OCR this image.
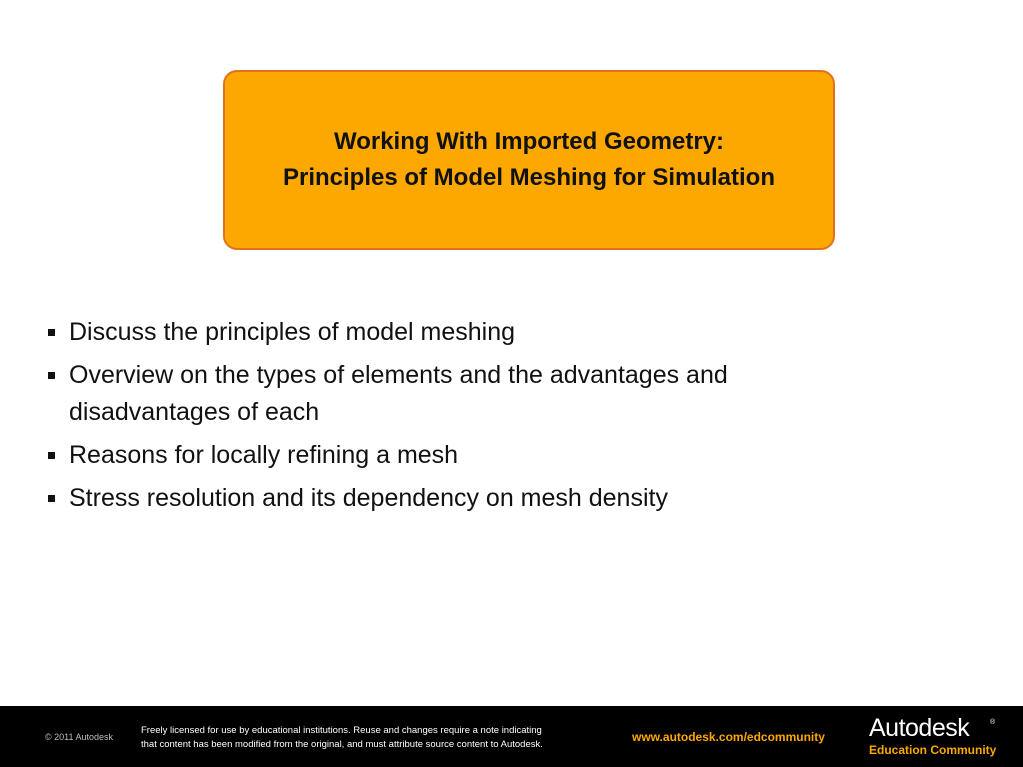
Working With Imported Geometry:
Principles of Model Meshing for Simulation
Discuss the principles of model meshing
Overview on the types of elements and the advantages and disadvantages of each
Reasons for locally refining a mesh
Stress resolution and its dependency on mesh density
© 2011 Autodesk
Freely licensed for use by educational institutions. Reuse and changes require a note indicating
that content has been modified from the original, and must attribute source content to Autodesk.
www.autodesk.com/edcommunity Autodesk	®
Education Community
